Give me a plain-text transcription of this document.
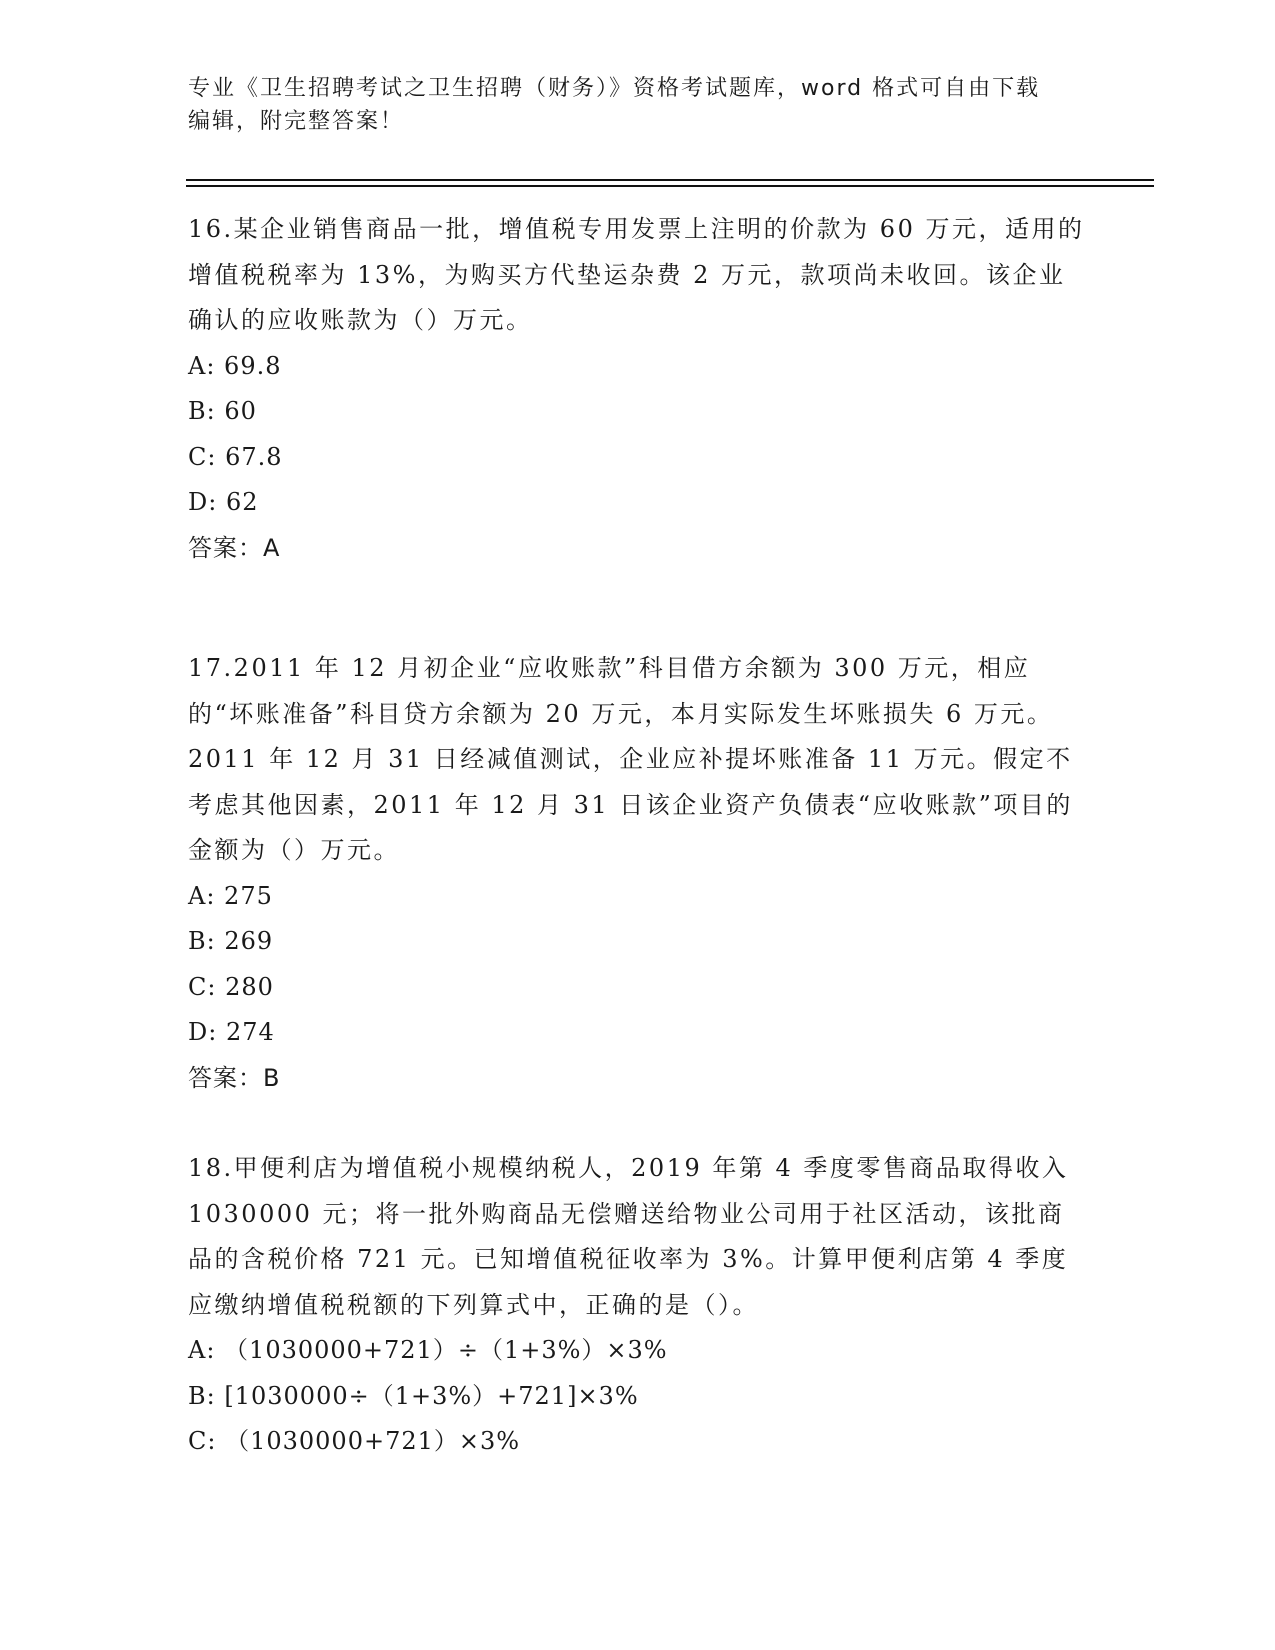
专业《卫生招聘考试之卫生招聘（财务）》资格考试题库，word 格式可自由下载
编辑，附完整答案！

16.某企业销售商品一批，增值税专用发票上注明的价款为 60 万元，适用的增值税税率为 13%，为购买方代垫运杂费 2 万元，款项尚未收回。该企业确认的应收账款为（）万元。

A: 69.8

B: 60

C: 67.8

D: 62

答案：A

17.2011 年 12 月初企业“应收账款”科目借方余额为 300 万元，相应的“坏账准备”科目贷方余额为 20 万元，本月实际发生坏账损失 6 万元。2011 年 12 月 31 日经减值测试，企业应补提坏账准备 11 万元。假定不考虑其他因素，2011 年 12 月 31 日该企业资产负债表“应收账款”项目的金额为（）万元。

A: 275

B: 269

C: 280

D: 274

答案：B

18.甲便利店为增值税小规模纳税人，2019 年第 4 季度零售商品取得收入 1030000 元；将一批外购商品无偿赠送给物业公司用于社区活动，该批商品的含税价格 721 元。已知增值税征收率为 3%。计算甲便利店第 4 季度应缴纳增值税税额的下列算式中，正确的是（）。

A: （1030000+721）÷（1+3%）×3%

B: [1030000÷（1+3%）+721]×3%

C: （1030000+721）×3%
